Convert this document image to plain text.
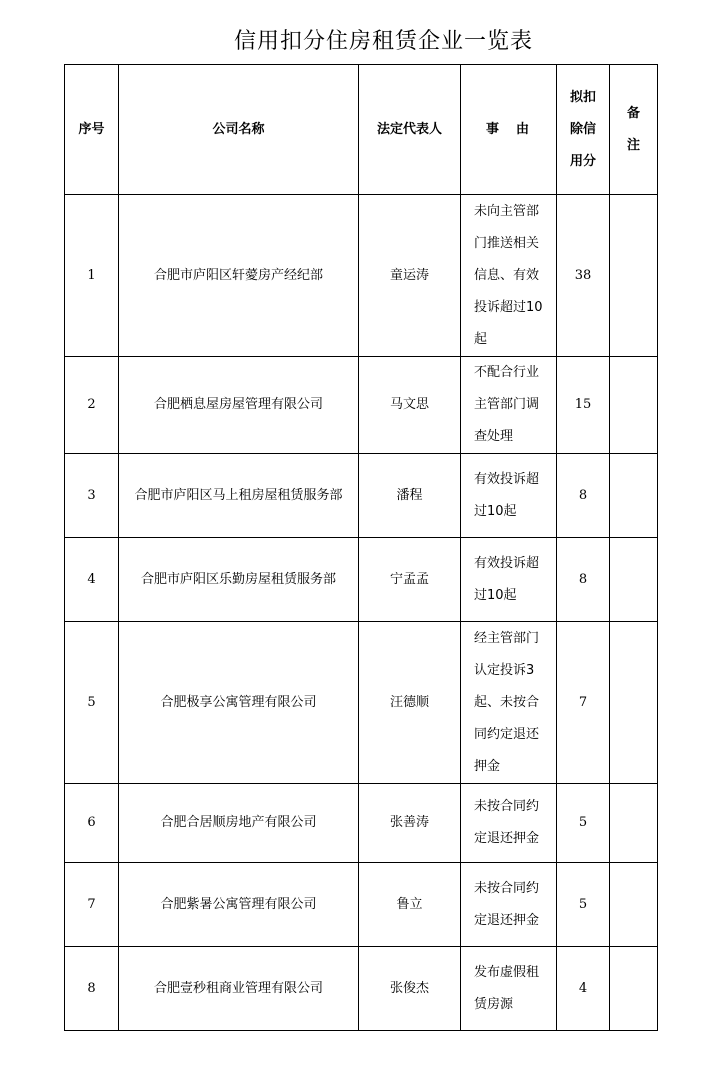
信用扣分住房租赁企业一览表
序号	公司名称	法定代表人	事　由	拟扣除信用分	备注
1	合肥市庐阳区轩薆房产经纪部	童运涛	未向主管部门推送相关信息、有效投诉超过10起	38	
2	合肥栖息屋房屋管理有限公司	马文思	不配合行业主管部门调查处理	15	
3	合肥市庐阳区马上租房屋租赁服务部	潘程	有效投诉超过10起	8	
4	合肥市庐阳区乐勤房屋租赁服务部	宁孟孟	有效投诉超过10起	8	
5	合肥极享公寓管理有限公司	汪德顺	经主管部门认定投诉3起、未按合同约定退还押金	7	
6	合肥合居顺房地产有限公司	张善涛	未按合同约定退还押金	5	
7	合肥紫暑公寓管理有限公司	鲁立	未按合同约定退还押金	5	
8	合肥壹秒租商业管理有限公司	张俊杰	发布虚假租赁房源	4	
